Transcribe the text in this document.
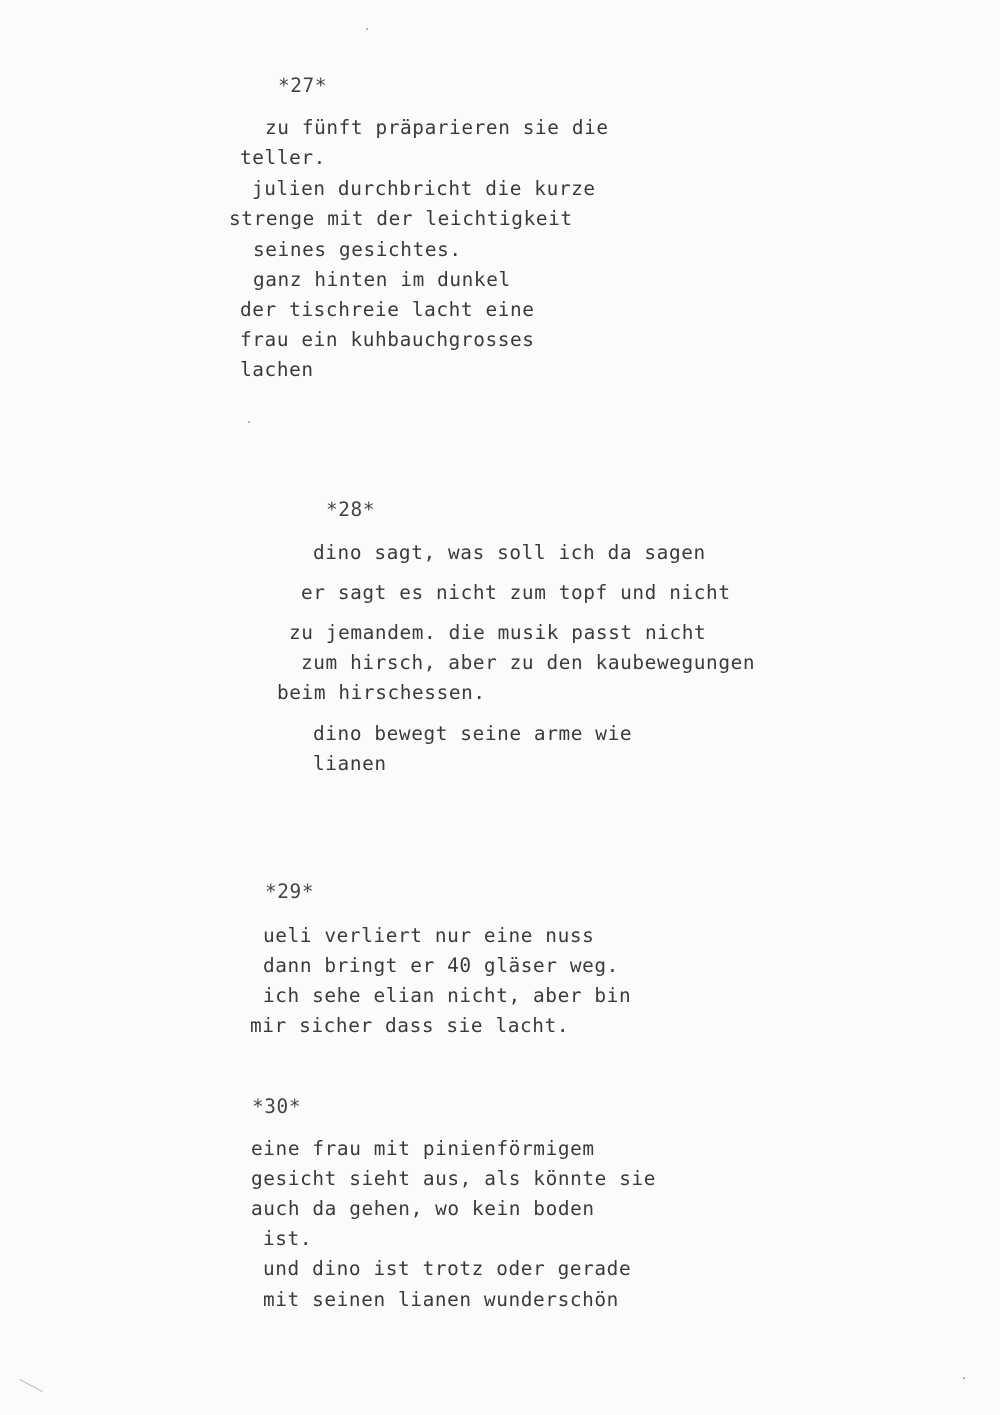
*27*
zu fünft präparieren sie die
teller.
julien durchbricht die kurze
strenge mit der leichtigkeit
seines gesichtes.
ganz hinten im dunkel
der tischreie lacht eine
frau ein kuhbauchgrosses
lachen
*28*
dino sagt, was soll ich da sagen
er sagt es nicht zum topf und nicht
zu jemandem. die musik passt nicht
zum hirsch, aber zu den kaubewegungen
beim hirschessen.
dino bewegt seine arme wie
lianen
*29*
ueli verliert nur eine nuss
dann bringt er 40 gläser weg.
ich sehe elian nicht, aber bin
mir sicher dass sie lacht.
*30*
eine frau mit pinienförmigem
gesicht sieht aus, als könnte sie
auch da gehen, wo kein boden
ist.
und dino ist trotz oder gerade
mit seinen lianen wunderschön
